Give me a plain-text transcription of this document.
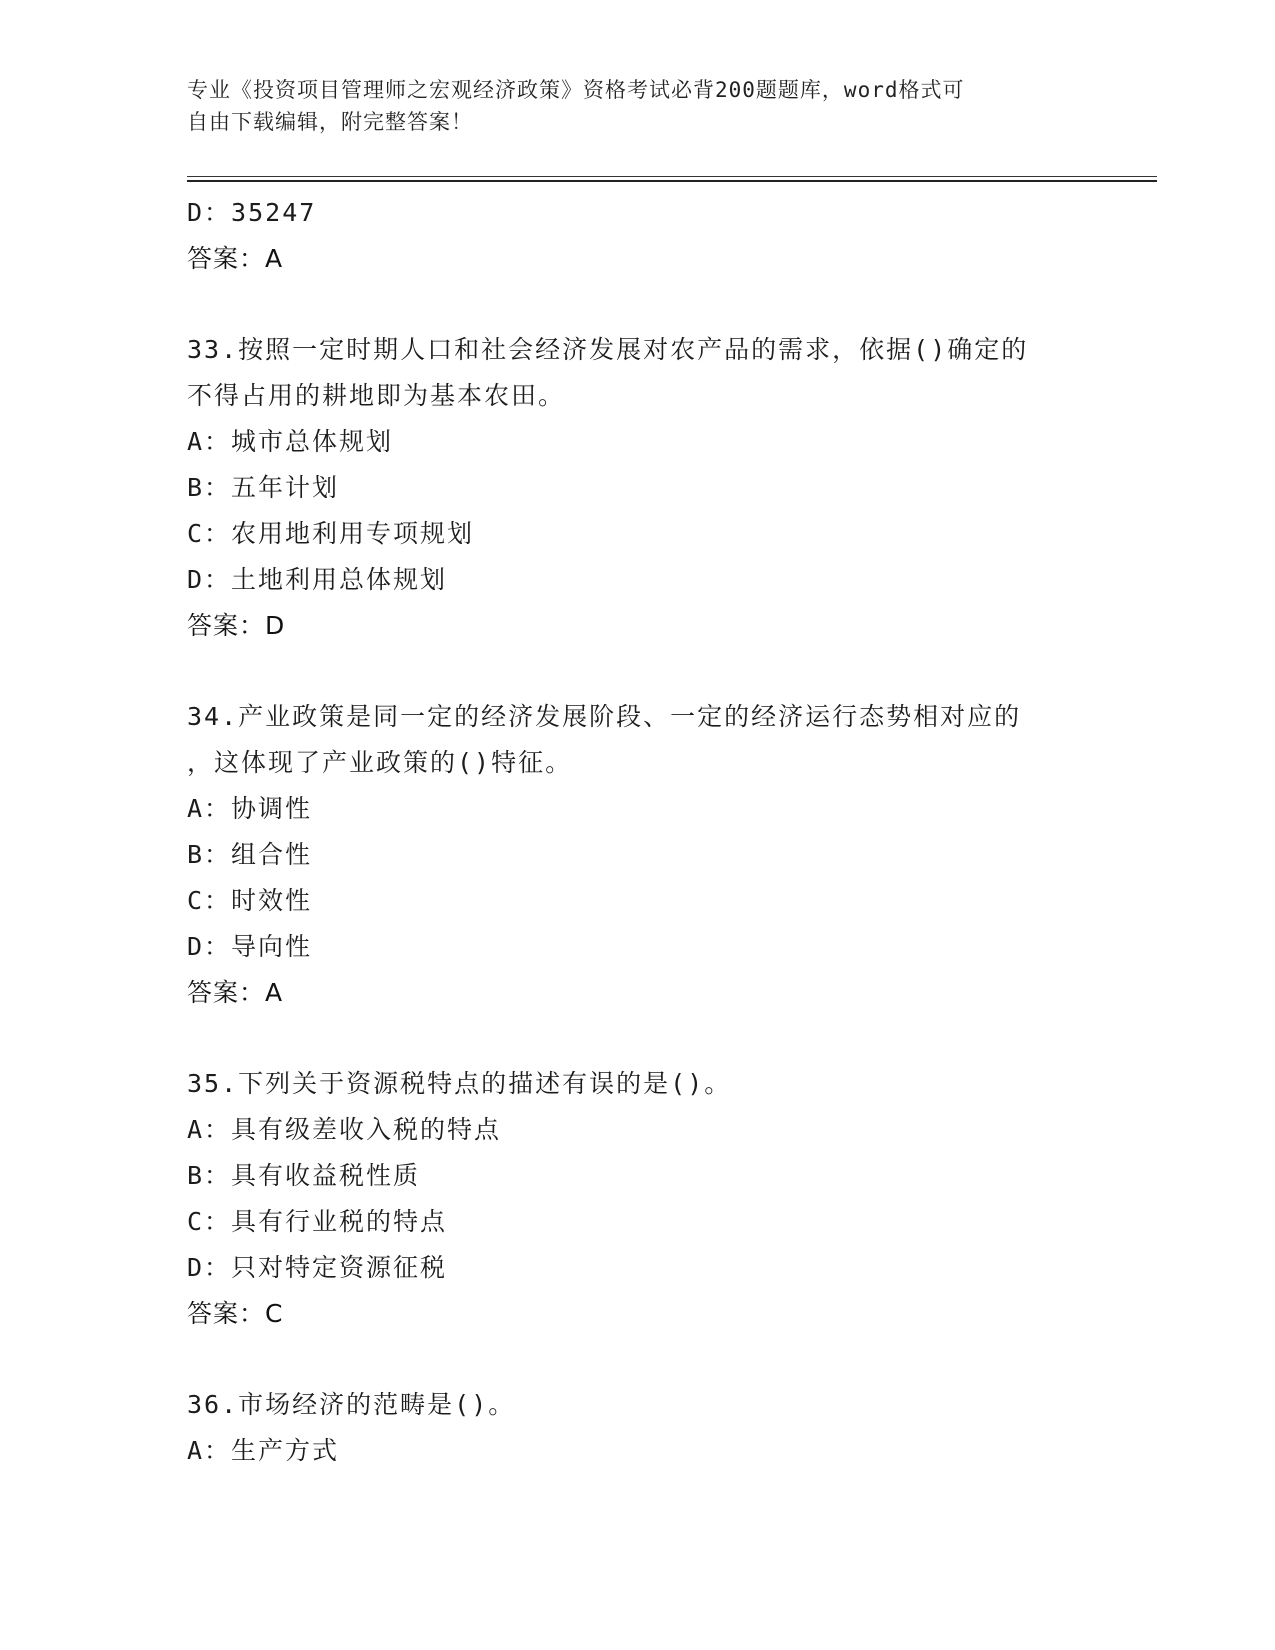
专业《投资项目管理师之宏观经济政策》资格考试必背200题题库，word格式可
自由下载编辑，附完整答案！
D：35247
答案：A
33.按照一定时期人口和社会经济发展对农产品的需求，依据()确定的
不得占用的耕地即为基本农田。
A：城市总体规划
B：五年计划
C：农用地利用专项规划
D：土地利用总体规划
答案：D
34.产业政策是同一定的经济发展阶段、一定的经济运行态势相对应的
，这体现了产业政策的()特征。
A：协调性
B：组合性
C：时效性
D：导向性
答案：A
35.下列关于资源税特点的描述有误的是()。
A：具有级差收入税的特点
B：具有收益税性质
C：具有行业税的特点
D：只对特定资源征税
答案：C
36.市场经济的范畴是()。
A：生产方式
